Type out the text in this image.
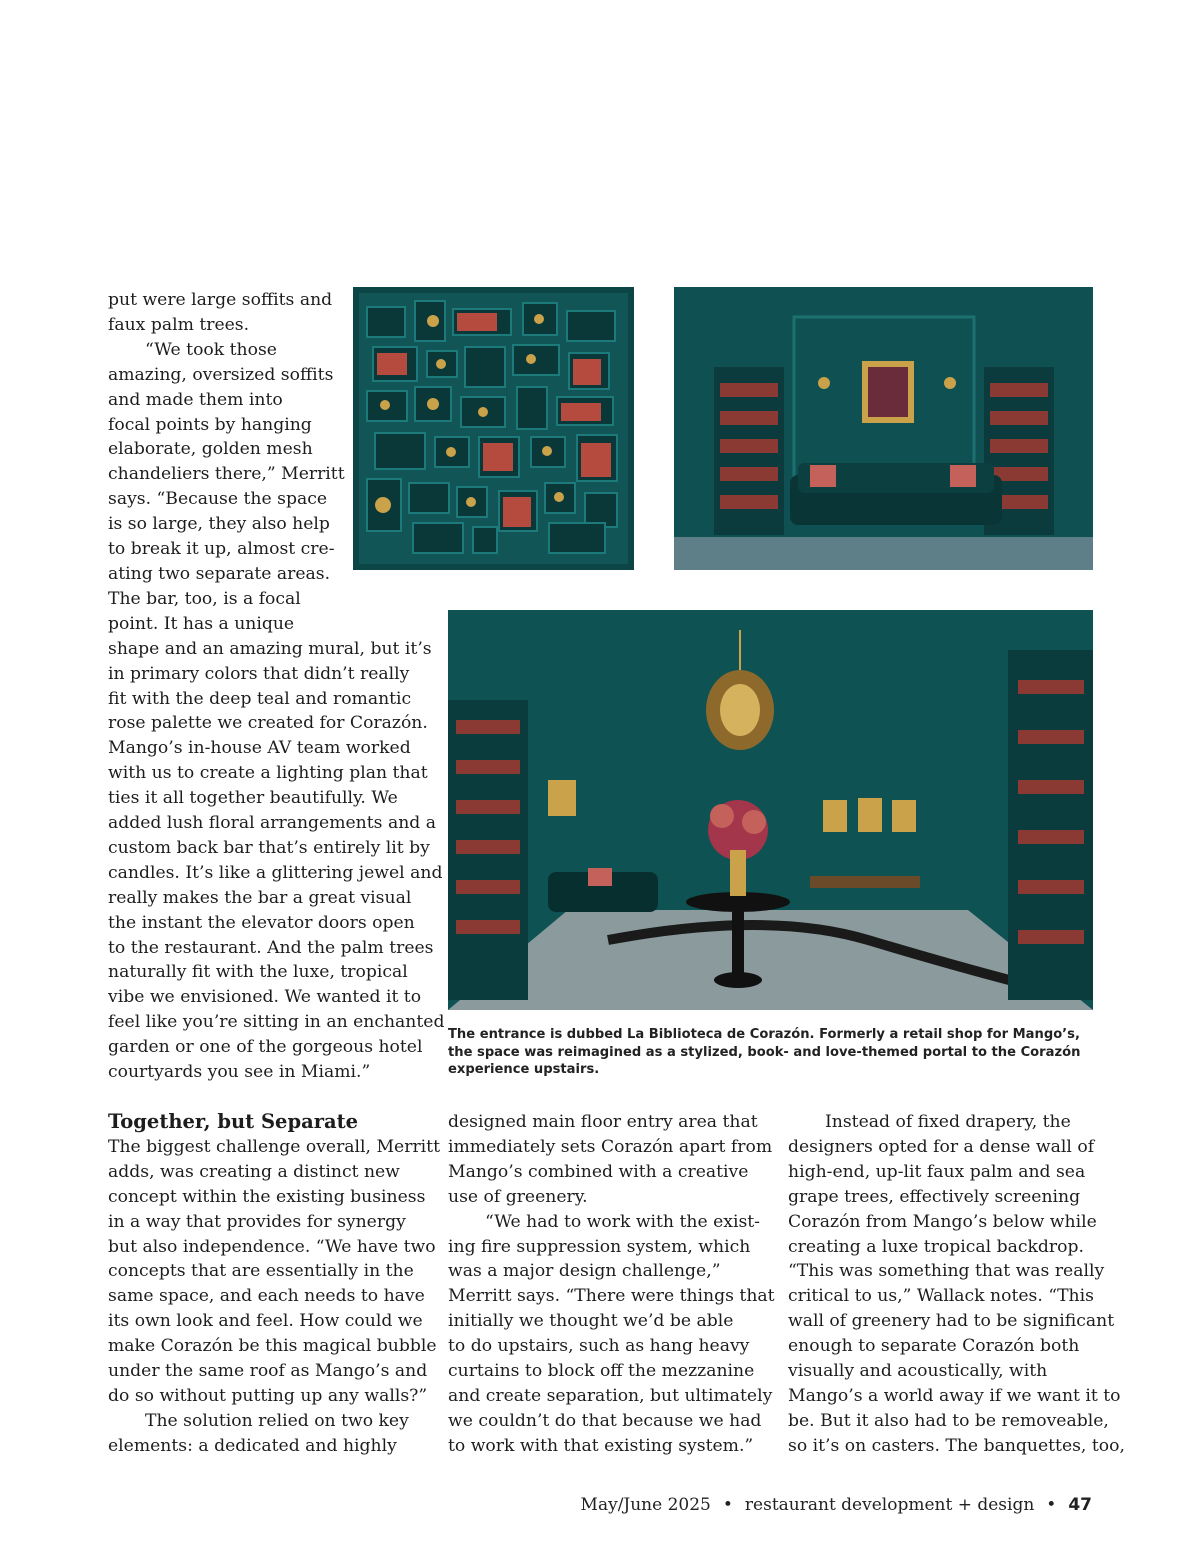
put were large soffits and
faux palm trees.
“We took those
amazing, oversized soffits
and made them into
focal points by hanging
elaborate, golden mesh
chandeliers there,” Merritt
says. “Because the space
is so large, they also help
to break it up, almost cre-
ating two separate areas.
The bar, too, is a focal
point. It has a unique
shape and an amazing mural, but it’s
in primary colors that didn’t really
fit with the deep teal and romantic
rose palette we created for Corazón.
Mango’s in-house AV team worked
with us to create a lighting plan that
ties it all together beautifully. We
added lush floral arrangements and a
custom back bar that’s entirely lit by
candles. It’s like a glittering jewel and
really makes the bar a great visual
the instant the elevator doors open
to the restaurant. And the palm trees
naturally fit with the luxe, tropical
vibe we envisioned. We wanted it to
feel like you’re sitting in an enchanted
garden or one of the gorgeous hotel
courtyards you see in Miami.”
The entrance is dubbed La Biblioteca de Corazón. Formerly a retail shop for Mango’s,
the space was reimagined as a stylized, book- and love-themed portal to the Corazón
experience upstairs.
Together, but Separate
The biggest challenge overall, Merritt
adds, was creating a distinct new
concept within the existing business
in a way that provides for synergy
but also independence. “We have two
concepts that are essentially in the
same space, and each needs to have
its own look and feel. How could we
make Corazón be this magical bubble
under the same roof as Mango’s and
do so without putting up any walls?”
The solution relied on two key
elements: a dedicated and highly
designed main floor entry area that
immediately sets Corazón apart from
Mango’s combined with a creative
use of greenery.
“We had to work with the exist-
ing fire suppression system, which
was a major design challenge,”
Merritt says. “There were things that
initially we thought we’d be able
to do upstairs, such as hang heavy
curtains to block off the mezzanine
and create separation, but ultimately
we couldn’t do that because we had
to work with that existing system.”
Instead of fixed drapery, the
designers opted for a dense wall of
high-end, up-lit faux palm and sea
grape trees, effectively screening
Corazón from Mango’s below while
creating a luxe tropical backdrop.
“This was something that was really
critical to us,” Wallack notes. “This
wall of greenery had to be significant
enough to separate Corazón both
visually and acoustically, with
Mango’s a world away if we want it to
be. But it also had to be removeable,
so it’s on casters. The banquettes, too,
May/June 2025 • restaurant development + design • 47
